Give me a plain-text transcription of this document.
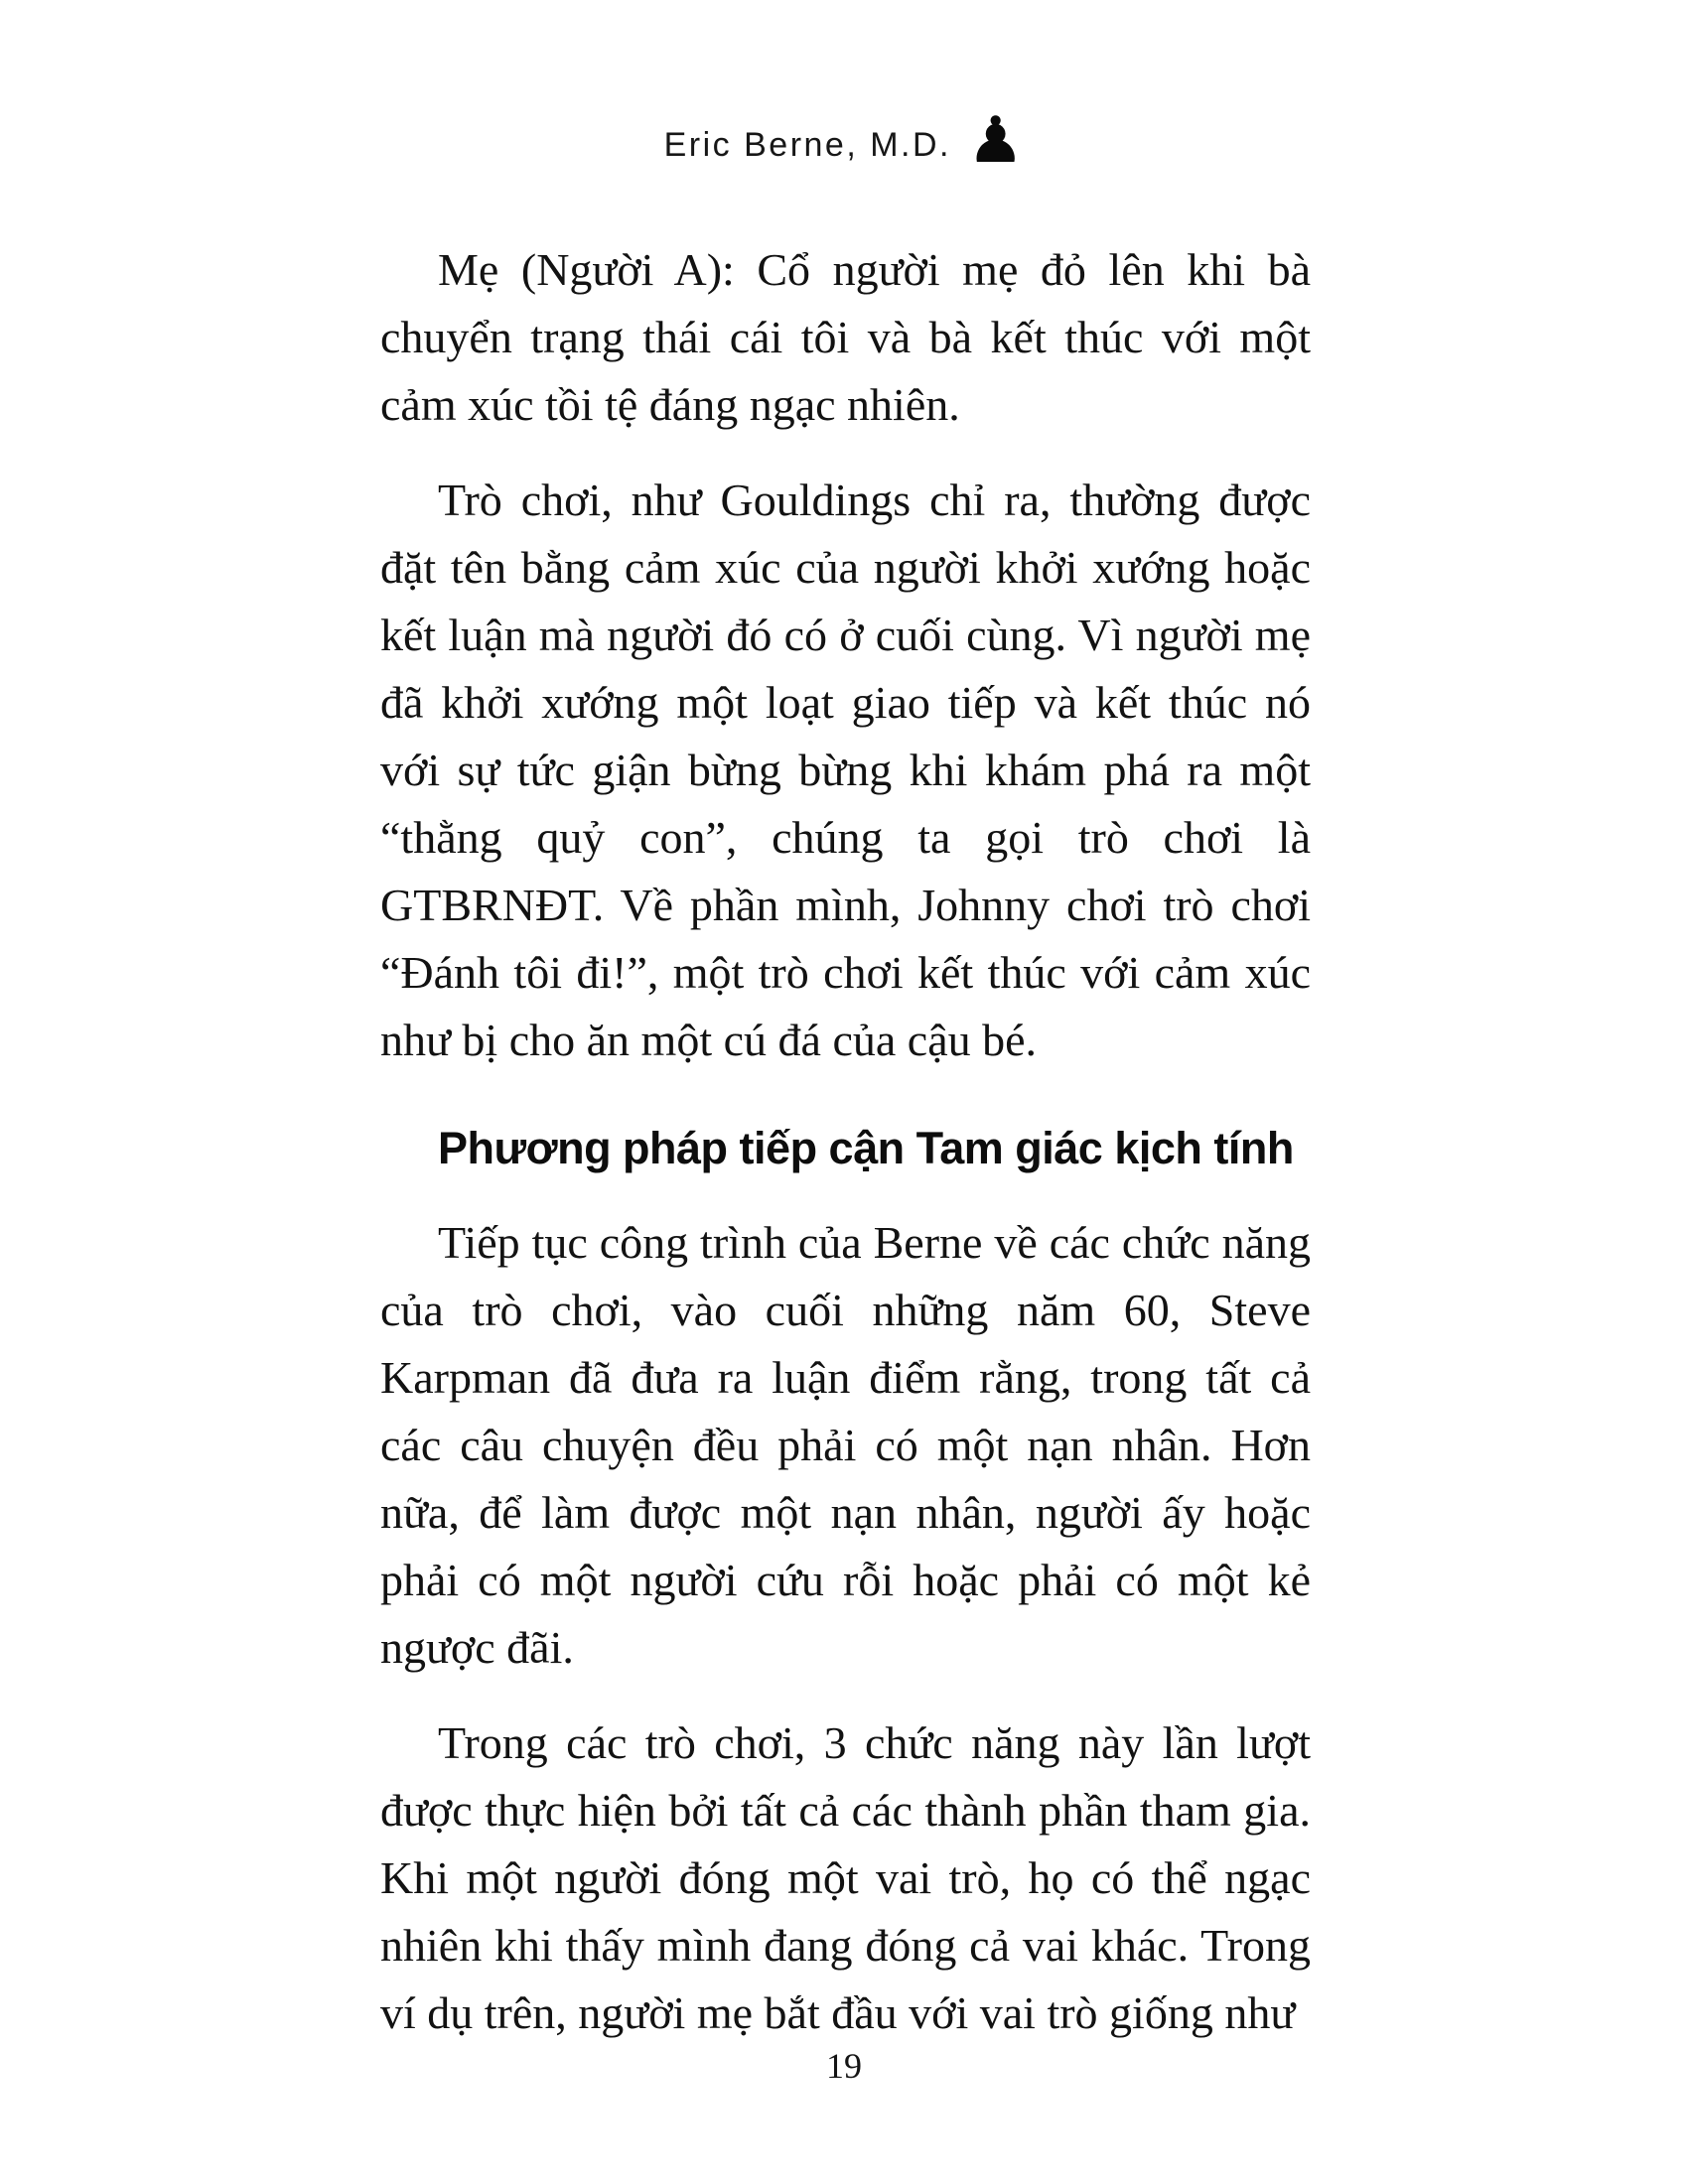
Eric Berne, M.D. ♟

Mẹ (Người A): Cổ người mẹ đỏ lên khi bà chuyển trạng thái cái tôi và bà kết thúc với một cảm xúc tồi tệ đáng ngạc nhiên.

Trò chơi, như Gouldings chỉ ra, thường được đặt tên bằng cảm xúc của người khởi xướng hoặc kết luận mà người đó có ở cuối cùng. Vì người mẹ đã khởi xướng một loạt giao tiếp và kết thúc nó với sự tức giận bừng bừng khi khám phá ra một “thằng quỷ con”, chúng ta gọi trò chơi là GTBRNĐT. Về phần mình, Johnny chơi trò chơi “Đánh tôi đi!”, một trò chơi kết thúc với cảm xúc như bị cho ăn một cú đá của cậu bé.

Phương pháp tiếp cận Tam giác kịch tính

Tiếp tục công trình của Berne về các chức năng của trò chơi, vào cuối những năm 60, Steve Karpman đã đưa ra luận điểm rằng, trong tất cả các câu chuyện đều phải có một nạn nhân. Hơn nữa, để làm được một nạn nhân, người ấy hoặc phải có một người cứu rỗi hoặc phải có một kẻ ngược đãi.

Trong các trò chơi, 3 chức năng này lần lượt được thực hiện bởi tất cả các thành phần tham gia. Khi một người đóng một vai trò, họ có thể ngạc nhiên khi thấy mình đang đóng cả vai khác. Trong ví dụ trên, người mẹ bắt đầu với vai trò giống như

19
